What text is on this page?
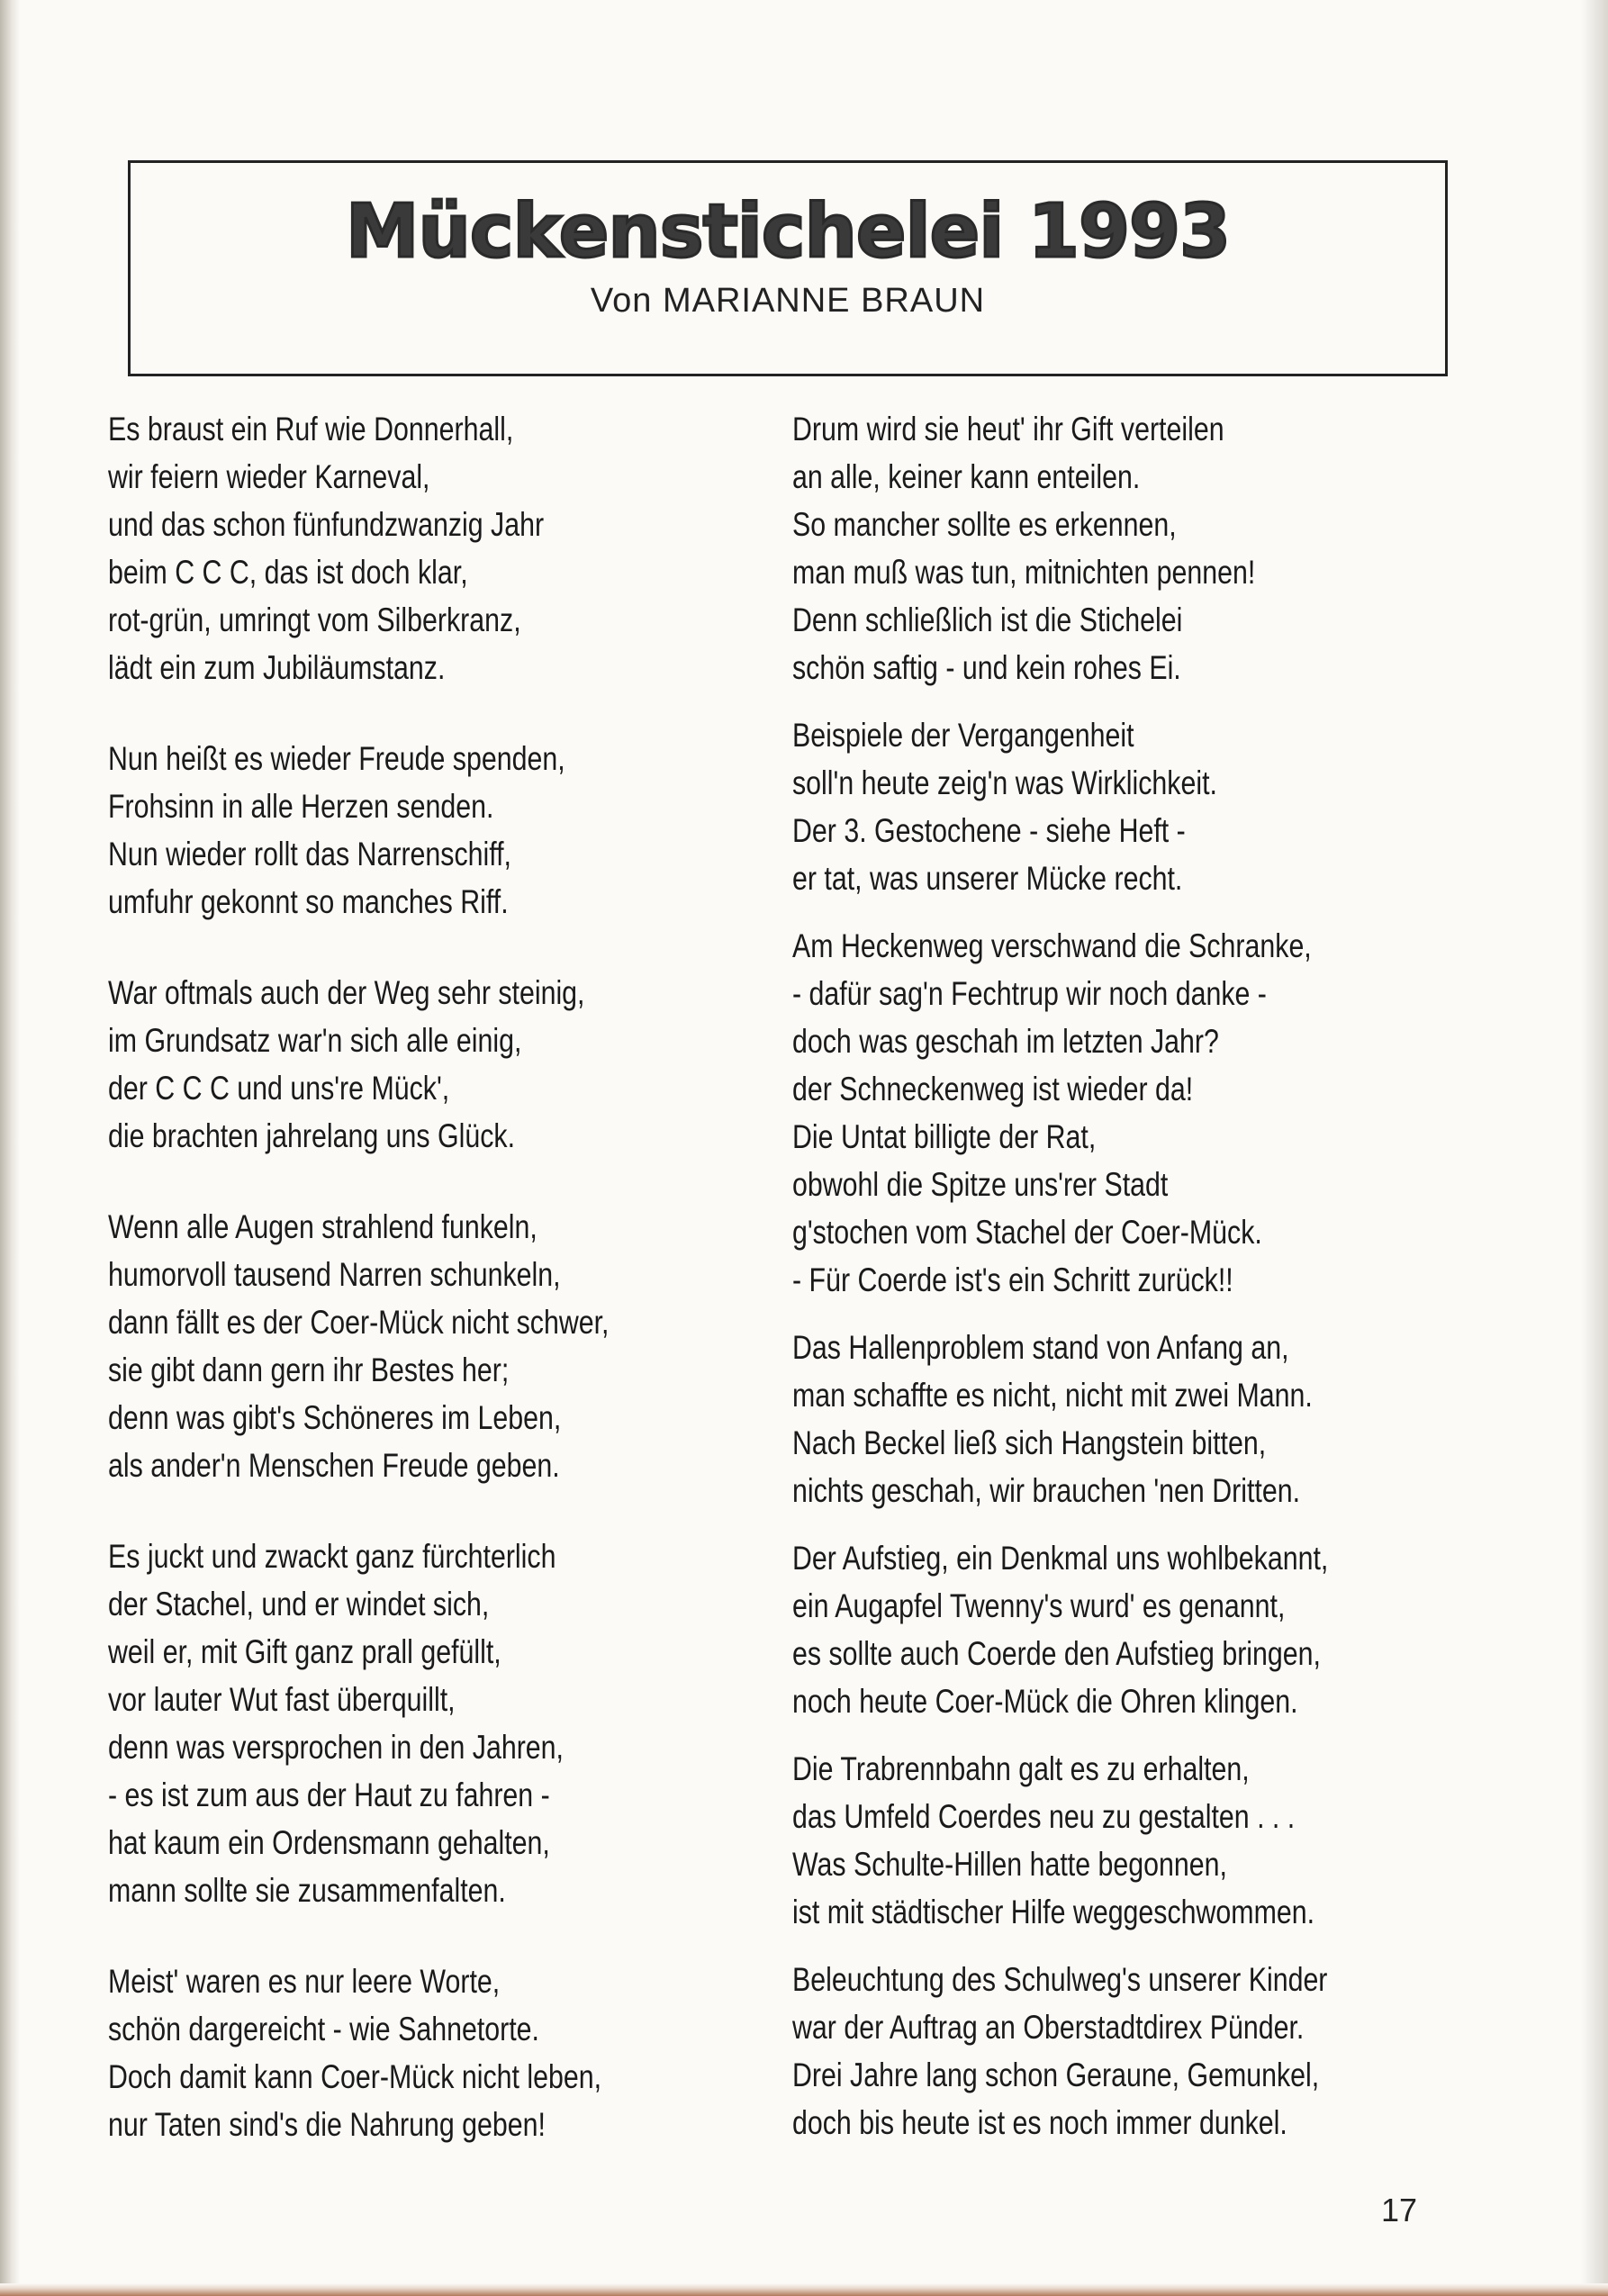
Mückenstichelei 1993
Von MARIANNE BRAUN
Es braust ein Ruf wie Donnerhall,
wir feiern wieder Karneval,
und das schon fünfundzwanzig Jahr
beim C C C, das ist doch klar,
rot-grün, umringt vom Silberkranz,
lädt ein zum Jubiläumstanz.
Nun heißt es wieder Freude spenden,
Frohsinn in alle Herzen senden.
Nun wieder rollt das Narrenschiff,
umfuhr gekonnt so manches Riff.
War oftmals auch der Weg sehr steinig,
im Grundsatz war'n sich alle einig,
der C C C und uns're Mück',
die brachten jahrelang uns Glück.
Wenn alle Augen strahlend funkeln,
humorvoll tausend Narren schunkeln,
dann fällt es der Coer-Mück nicht schwer,
sie gibt dann gern ihr Bestes her;
denn was gibt's Schöneres im Leben,
als ander'n Menschen Freude geben.
Es juckt und zwackt ganz fürchterlich
der Stachel, und er windet sich,
weil er, mit Gift ganz prall gefüllt,
vor lauter Wut fast überquillt,
denn was versprochen in den Jahren,
- es ist zum aus der Haut zu fahren -
hat kaum ein Ordensmann gehalten,
mann sollte sie zusammenfalten.
Meist' waren es nur leere Worte,
schön dargereicht - wie Sahnetorte.
Doch damit kann Coer-Mück nicht leben,
nur Taten sind's die Nahrung geben!
Drum wird sie heut' ihr Gift verteilen
an alle, keiner kann enteilen.
So mancher sollte es erkennen,
man muß was tun, mitnichten pennen!
Denn schließlich ist die Stichelei
schön saftig - und kein rohes Ei.
Beispiele der Vergangenheit
soll'n heute zeig'n was Wirklichkeit.
Der 3. Gestochene - siehe Heft -
er tat, was unserer Mücke recht.
Am Heckenweg verschwand die Schranke,
- dafür sag'n Fechtrup wir noch danke -
doch was geschah im letzten Jahr?
der Schneckenweg ist wieder da!
Die Untat billigte der Rat,
obwohl die Spitze uns'rer Stadt
g'stochen vom Stachel der Coer-Mück.
- Für Coerde ist's ein Schritt zurück!!
Das Hallenproblem stand von Anfang an,
man schaffte es nicht, nicht mit zwei Mann.
Nach Beckel ließ sich Hangstein bitten,
nichts geschah, wir brauchen 'nen Dritten.
Der Aufstieg, ein Denkmal uns wohlbekannt,
ein Augapfel Twenny's wurd' es genannt,
es sollte auch Coerde den Aufstieg bringen,
noch heute Coer-Mück die Ohren klingen.
Die Trabrennbahn galt es zu erhalten,
das Umfeld Coerdes neu zu gestalten . . .
Was Schulte-Hillen hatte begonnen,
ist mit städtischer Hilfe weggeschwommen.
Beleuchtung des Schulweg's unserer Kinder
war der Auftrag an Oberstadtdirex Pünder.
Drei Jahre lang schon Geraune, Gemunkel,
doch bis heute ist es noch immer dunkel.
17
